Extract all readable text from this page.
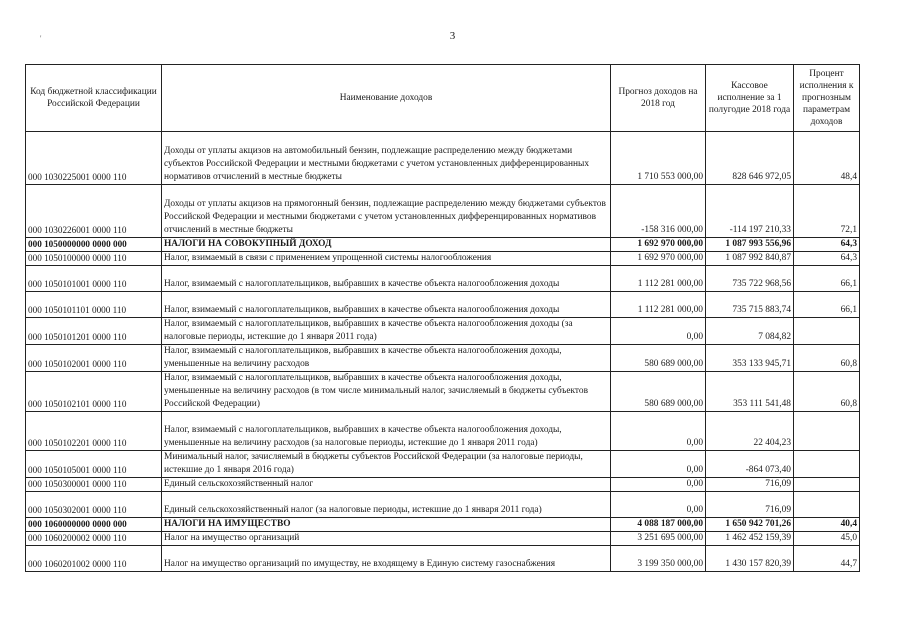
3
'
Код бюджетной классификации Российской Федерации	Наименование доходов	Прогноз доходов на 2018 год	Кассовое исполнение за 1 полугодие 2018 года	Процент исполнения к прогнозным параметрам доходов
000 1030225001 0000 110	Доходы от уплаты акцизов на автомобильный бензин, подлежащие распределению между бюджетами субъектов Российской Федерации и местными бюджетами с учетом установленных дифференцированных нормативов отчислений в местные бюджеты	1 710 553 000,00	828 646 972,05	48,4
000 1030226001 0000 110	Доходы от уплаты акцизов на прямогонный бензин, подлежащие распределению между бюджетами субъектов Российской Федерации и местными бюджетами с учетом установленных дифференцированных нормативов отчислений в местные бюджеты	-158 316 000,00	-114 197 210,33	72,1
000 1050000000 0000 000	НАЛОГИ НА СОВОКУПНЫЙ ДОХОД	1 692 970 000,00	1 087 993 556,96	64,3
000 1050100000 0000 110	Налог, взимаемый в связи с применением упрощенной системы налогообложения	1 692 970 000,00	1 087 992 840,87	64,3
000 1050101001 0000 110	Налог, взимаемый с налогоплательщиков, выбравших в качестве объекта налогообложения доходы	1 112 281 000,00	735 722 968,56	66,1
000 1050101101 0000 110	Налог, взимаемый с налогоплательщиков, выбравших в качестве объекта налогообложения доходы	1 112 281 000,00	735 715 883,74	66,1
000 1050101201 0000 110	Налог, взимаемый с налогоплательщиков, выбравших в качестве объекта налогообложения доходы (за налоговые периоды, истекшие до 1 января 2011 года)	0,00	7 084,82	
000 1050102001 0000 110	Налог, взимаемый с налогоплательщиков, выбравших в качестве объекта налогообложения доходы, уменьшенные на величину расходов	580 689 000,00	353 133 945,71	60,8
000 1050102101 0000 110	Налог, взимаемый с налогоплательщиков, выбравших в качестве объекта налогообложения доходы, уменьшенные на величину расходов (в том числе минимальный налог, зачисляемый в бюджеты субъектов Российской Федерации)	580 689 000,00	353 111 541,48	60,8
000 1050102201 0000 110	Налог, взимаемый с налогоплательщиков, выбравших в качестве объекта налогообложения доходы, уменьшенные на величину расходов (за налоговые периоды, истекшие до 1 января 2011 года)	0,00	22 404,23	
000 1050105001 0000 110	Минимальный налог, зачисляемый в бюджеты субъектов Российской Федерации (за налоговые периоды, истекшие до 1 января 2016 года)	0,00	-864 073,40	
000 1050300001 0000 110	Единый сельскохозяйственный налог	0,00	716,09	
000 1050302001 0000 110	Единый сельскохозяйственный налог (за налоговые периоды, истекшие до 1 января 2011 года)	0,00	716,09	
000 1060000000 0000 000	НАЛОГИ НА ИМУЩЕСТВО	4 088 187 000,00	1 650 942 701,26	40,4
000 1060200002 0000 110	Налог на имущество организаций	3 251 695 000,00	1 462 452 159,39	45,0
000 1060201002 0000 110	Налог на имущество организаций по имуществу, не входящему в Единую систему газоснабжения	3 199 350 000,00	1 430 157 820,39	44,7
